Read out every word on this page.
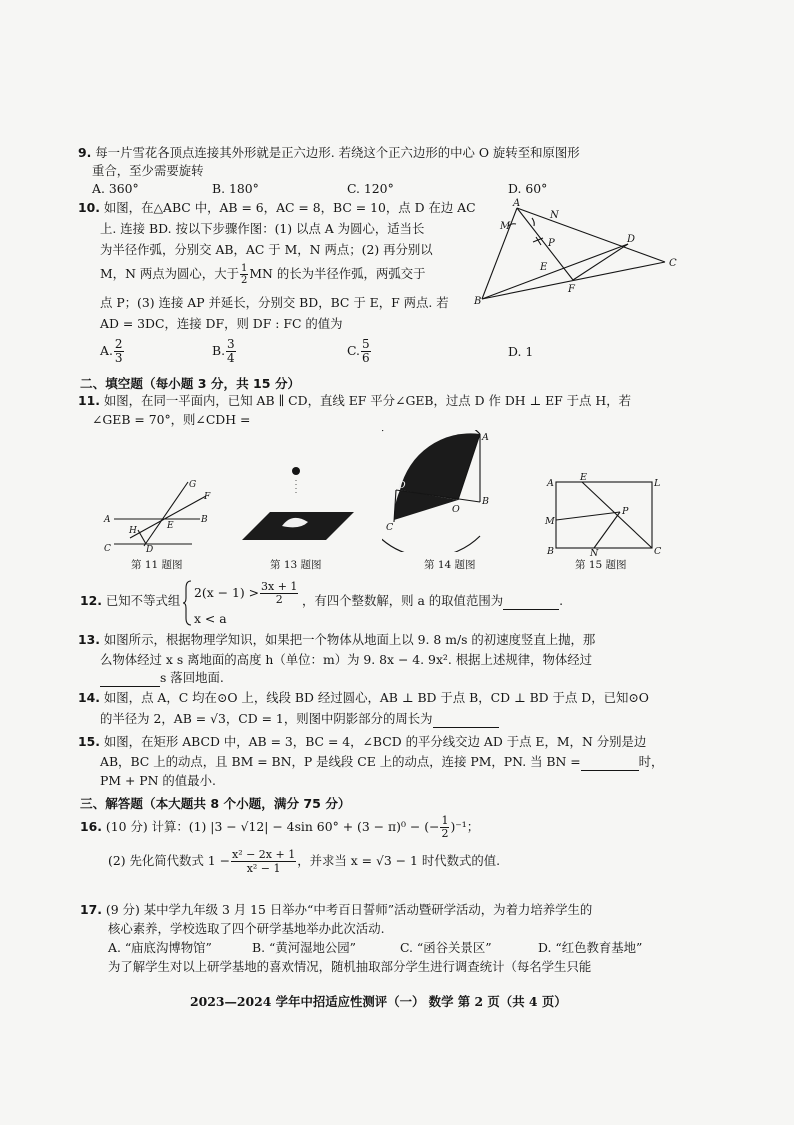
9. 每一片雪花各顶点连接其外形就是正六边形. 若绕这个正六边形的中心 O 旋转至和原图形
重合，至少需要旋转
A. 360°	B. 180°	C. 120°	D. 60°
10. 如图，在△ABC 中，AB = 6，AC = 8，BC = 10，点 D 在边 AC
上. 连接 BD. 按以下步骤作图：(1) 以点 A 为圆心，适当长
为半径作弧，分别交 AB，AC 于 M，N 两点；(2) 再分别以
M，N 两点为圆心，大于 $\frac{1}{2}$ MN 的长为半径作弧，两弧交于
点 P；(3) 连接 AP 并延长，分别交 BD，BC 于 E，F 两点. 若
AD = 3DC，连接 DF，则 DF : FC 的值为
A. $\frac{2}{3}$	B. $\frac{3}{4}$	C. $\frac{5}{6}$	D. 1
A
M
N
P	D
E
F
C
B
二、填空题（每小题 3 分，共 15 分）
11. 如图，在同一平面内，已知 AB ∥ CD，直线 EF 平分∠GEB，过点 D 作 DH ⊥ EF 于点 H，若
∠GEB = 70°，则∠CDH =
G
F
A
H	E
B
C	D
第 11 题图	第 13 题图
A
D
O
B
C
第 14 题图
A
E
L
M
P
B	N	C
第 15 题图
12. 已知不等式组
$2(x - 1) > \frac{3x + 1}{2}$
x < a
，有四个整数解，则 a 的取值范围为	.
13. 如图所示，根据物理学知识，如果把一个物体从地面上以 9. 8 m/s 的初速度竖直上抛，那
么物体经过 x s 离地面的高度 h（单位：m）为 9. 8x − 4. 9x². 根据上述规律，物体经过
s 落回地面.
14. 如图，点 A，C 均在⊙O 上，线段 BD 经过圆心，AB ⊥ BD 于点 B，CD ⊥ BD 于点 D，已知⊙O
的半径为 2，AB = √3，CD = 1，则图中阴影部分的周长为
15. 如图，在矩形 ABCD 中，AB = 3，BC = 4，∠BCD 的平分线交边 AD 于点 E，M，N 分别是边
AB，BC 上的动点，且 BM = BN，P 是线段 CE 上的动点，连接 PM，PN. 当 BN =	时，
PM + PN 的值最小.
三、解答题（本大题共 8 个小题，满分 75 分）
16. (10 分) 计算：(1) |3 − √12| − 4sin 60° + (3 − π)⁰ − (− $\frac{1}{2} )^{-1}$；
(2) 先化简代数式 $1 - \frac{\text{x² − 2x + 1}}{\text{x² − 1}}$ ，并求当 x = √3 − 1 时代数式的值.
17. (9 分) 某中学九年级 3 月 15 日举办“中考百日誓师”活动暨研学活动，为着力培养学生的
核心素养，学校选取了四个研学基地举办此次活动.
A. “庙底沟博物馆”	B. “黄河湿地公园”	C. “函谷关景区”	D. “红色教育基地”
为了解学生对以上研学基地的喜欢情况，随机抽取部分学生进行调查统计（每名学生只能
2023—2024 学年中招适应性测评（一） 数学 第 2 页（共 4 页）
